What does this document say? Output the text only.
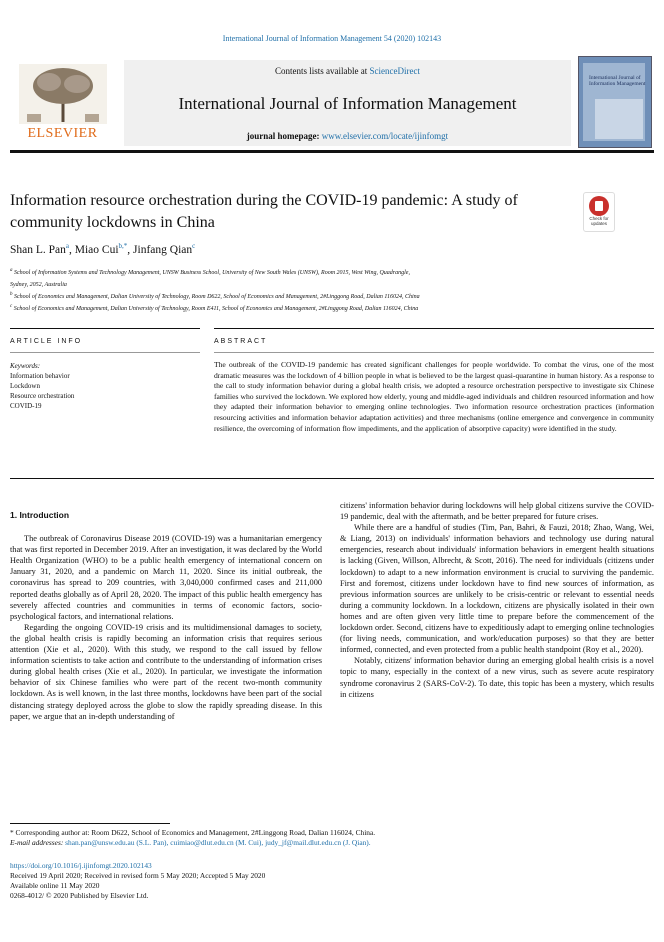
International Journal of Information Management 54 (2020) 102143
ELSEVIER
Contents lists available at ScienceDirect
International Journal of Information Management
journal homepage: www.elsevier.com/locate/ijinfomgt
International Journal of Information Management
Information resource orchestration during the COVID-19 pandemic: A study of community lockdowns in China	Check for updates
Shan L. Pan$^a$, Miao Cui$^{b,*}$, Jinfang Qian$^c$
$^a$ School of Information Systems and Technology Management, UNSW Business School, University of New South Wales (UNSW), Room 2015, West Wing, Quadrangle,
Sydney, 2052, Australia
$^b$ School of Economics and Management, Dalian University of Technology, Room D622, School of Economics and Management, 2#Linggong Road, Dalian 116024, China
$^c$ School of Economics and Management, Dalian University of Technology, Room E411, School of Economics and Management, 2#Linggong Road, Dalian 116024, China
ARTICLE INFO	ABSTRACT
Keywords:
Information behavior
Lockdown
Resource orchestration
COVID-19
The outbreak of the COVID-19 pandemic has created significant challenges for people worldwide. To combat the virus, one of the most dramatic measures was the lockdown of 4 billion people in what is believed to be the largest quasi-quarantine in human history. As a response to the call to study information behavior during a global health crisis, we adopted a resource orchestration perspective to investigate six Chinese families who survived the lockdown. We explored how elderly, young and middle-aged individuals and children resourced information and how they adapted their information behavior to emerging online technologies. Two information resource orchestration practices (information resourcing activities and information behavior adaptation activities) and three mechanisms (online emergence and convergence in community resilience, the overcoming of information flow impediments, and the application of absorptive capacity) were identified in the study.
1. Introduction

The outbreak of Coronavirus Disease 2019 (COVID-19) was a humanitarian emergency that was first reported in December 2019. After an investigation, it was declared by the World Health Organization (WHO) to be a public health emergency of international concern on January 31, 2020, and a pandemic on March 11, 2020. Since its initial outbreak, the coronavirus has spread to 209 countries, with 3,040,000 confirmed cases and 211,000 reported deaths globally as of April 28, 2020. The impact of this public health emergency has severely affected countries and communities in terms of economic factors, socio-psychological factors, and international relations.

Regarding the ongoing COVID-19 crisis and its multidimensional damages to society, the global health crisis is rapidly becoming an information crisis that requires serious attention (Xie et al., 2020). With this study, we respond to the call issued by fellow information scientists to take action and contribute to the understanding of information crises during global health crises (Xie et al., 2020). In particular, we investigate the information behavior of six Chinese families who were part of the recent two-month community lockdown. As is well known, in the last three months, lockdowns have been part of the social distancing strategy deployed across the globe to slow the rapidly spreading disease. In this paper, we argue that an in-depth understanding of

citizens' information behavior during lockdowns will help global citizens survive the COVID-19 pandemic, deal with the aftermath, and be better prepared for future crises.

While there are a handful of studies (Tim, Pan, Bahri, & Fauzi, 2018; Zhao, Wang, Wei, & Liang, 2013) on individuals' information behaviors and technology use during natural emergencies, research about individuals' information behaviors in emergent health situations is lacking (Given, Willson, Albrecht, & Scott, 2016). The need for individuals (citizens under lockdown) to adapt to a new information environment is crucial to surviving the pandemic. First and foremost, citizens under lockdown have to find new sources of information, as previous information sources are unlikely to be crisis-centric or relevant to essential needs during a community lockdown. In a lockdown, citizens are physically isolated in their own homes and are often given very little time to prepare before the commencement of the lockdown order. Second, citizens have to expeditiously adapt to emerging online technologies (for living needs, communication, and work/education purposes) so that they are better informed, connected, and even protected from a public health standpoint (Roy et al., 2020).

Notably, citizens' information behavior during an emerging global health crisis is a novel topic to many, especially in the context of a new virus, such as severe acute respiratory syndrome coronavirus 2 (SARS-CoV-2). To date, this topic has been a mystery, which results in citizens

* Corresponding author at: Room D622, School of Economics and Management, 2#Linggong Road, Dalian 116024, China.
E-mail addresses: shan.pan@unsw.edu.au (S.L. Pan), cuimiao@dlut.edu.cn (M. Cui), judy_jf@mail.dlut.edu.cn (J. Qian).
https://doi.org/10.1016/j.ijinfomgt.2020.102143
Received 19 April 2020; Received in revised form 5 May 2020; Accepted 5 May 2020
Available online 11 May 2020
0268-4012/ © 2020 Published by Elsevier Ltd.
